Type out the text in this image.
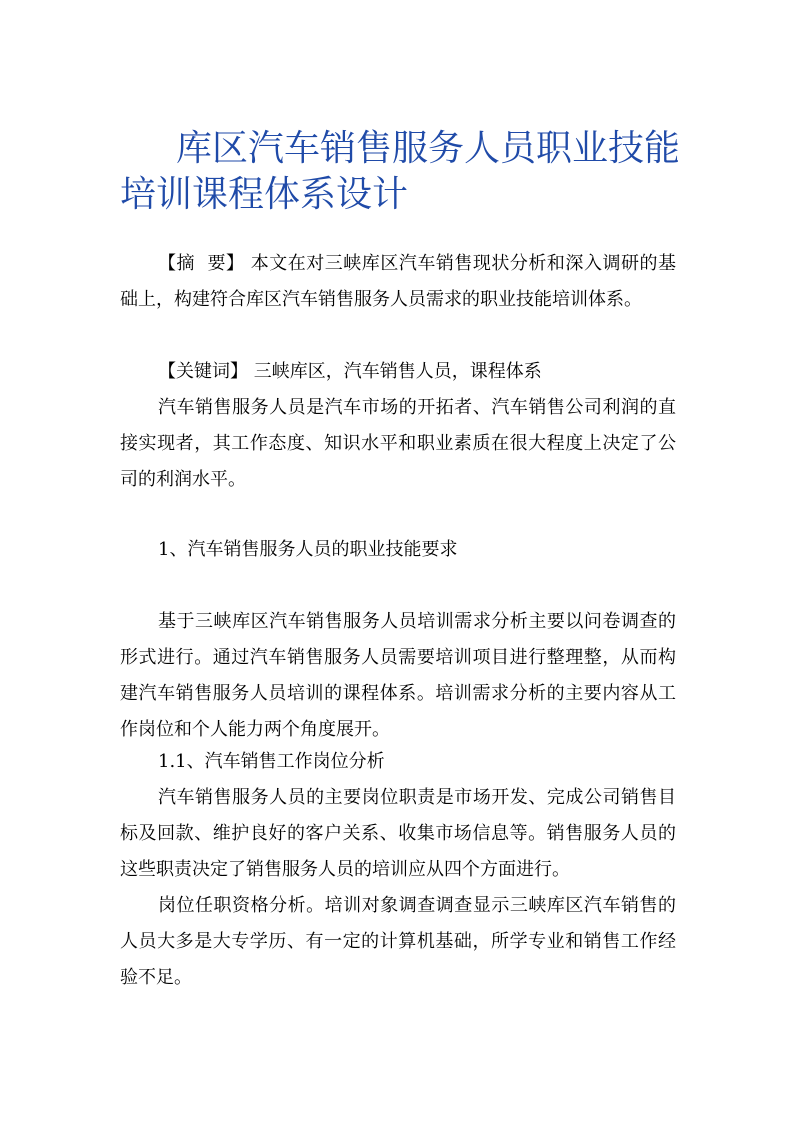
库区汽车销售服务人员职业技能培训课程体系设计

【摘  要】 本文在对三峡库区汽车销售现状分析和深入调研的基础上，构建符合库区汽车销售服务人员需求的职业技能培训体系。

【关键词】 三峡库区，汽车销售人员，课程体系

汽车销售服务人员是汽车市场的开拓者、汽车销售公司利润的直接实现者，其工作态度、知识水平和职业素质在很大程度上决定了公司的利润水平。

1、汽车销售服务人员的职业技能要求

基于三峡库区汽车销售服务人员培训需求分析主要以问卷调查的形式进行。通过汽车销售服务人员需要培训项目进行整理整，从而构建汽车销售服务人员培训的课程体系。培训需求分析的主要内容从工作岗位和个人能力两个角度展开。

1.1、汽车销售工作岗位分析

汽车销售服务人员的主要岗位职责是市场开发、完成公司销售目标及回款、维护良好的客户关系、收集市场信息等。销售服务人员的这些职责决定了销售服务人员的培训应从四个方面进行。

岗位任职资格分析。培训对象调查调查显示三峡库区汽车销售的人员大多是大专学历、有一定的计算机基础，所学专业和销售工作经验不足。
